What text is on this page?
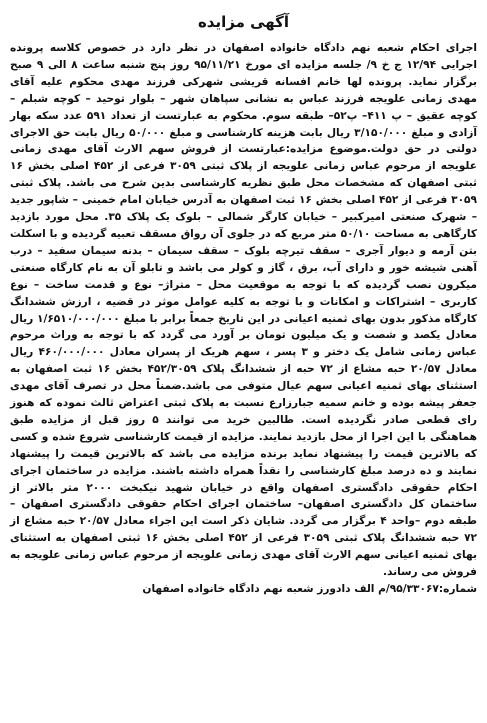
آگهی مزایده

اجرای احکام شعبه نهم دادگاه خانواده اصفهان در نظر دارد در خصوص کلاسه پرونده اجرایی ۱۲/۹۴ ج خ ۹/ جلسه مزایده ای مورخ ۹۵/۱۱/۲۱ روز پنج شنبه ساعت ۸ الی ۹ صبح برگزار نماید. پرونده لها خانم افسانه قریشی شهرکی فرزند مهدی محکوم علیه آقای مهدی زمانی علویجه فرزند عباس به نشانی سپاهان شهر – بلوار توحید – کوچه شبلم – کوچه عقیق – پ ۴۱۱– پ۵۲– طبقه سوم. محکوم به عبارتست از تعداد ۵۹۱ عدد سکه بهار آزادی و مبلغ ۳/۱۵۰/۰۰۰ ریال بابت هزینه کارشناسی و مبلغ ۵۰/۰۰۰ ریال بابت حق الاجرای دولتی در حق دولت.موضوع مزایده:عبارتست از فروش سهم الارث آقای مهدی زمانی علویجه از مرحوم عباس زمانی علویجه از پلاک ثبتی ۳۰۵۹ فرعی از ۴۵۲ اصلی بخش ۱۶ ثبتی اصفهان که مشخصات محل طبق نظریه کارشناسی بدین شرح می باشد. پلاک ثبتی ۳۰۵۹ فرعی از ۴۵۲ اصلی بخش ۱۶ ثبت اصفهان به آدرس خیابان امام خمینی – شاپور جدید – شهرک صنعتی امیرکبیر – خیابان کارگر شمالی – بلوک یک پلاک ۳۵. محل مورد بازدید کارگاهی به مساحت ۵۰/۱۰ متر مربع که در جلوی آن رواق مسقف تعبیه گردیده و با اسکلت بتن آرمه و دیوار آجری – سقف تیرچه بلوک – سقف سیمان – بدنه سیمان سفید – درب آهنی شیشه خور و دارای آب، برق ، گاز و کولر می باشد و تابلو آن به نام کارگاه صنعتی میکرون نصب گردیده که با توجه به موقعیت محل – متراژ– نوع و قدمت ساخت – نوع کاربری – اشتراکات و امکانات و با توجه به کلیه عوامل موثر در قضیه ، ارزش ششدانگ کارگاه مذکور بدون بهای ثمنیه اعیانی در این تاریخ جمعاً برابر با مبلغ ۱/۶۵۱۰/۰۰۰/۰۰۰ ریال معادل یکصد و شصت و یک میلیون تومان بر آورد می گردد که با توجه به وراث مرحوم عباس زمانی شامل یک دختر و ۳ پسر ، سهم هریک از پسران معادل ۴۶۰/۰۰۰/۰۰۰ ریال معادل ۲۰/۵۷ حبه مشاع از ۷۲ حبه از ششدانگ پلاک ۴۵۲/۳۰۵۹ بخش ۱۶ ثبت اصفهان به استثنای بهای ثمنیه اعیانی سهم عیال متوفی می باشد.ضمناً محل در تصرف آقای مهدی جعفر پیشه بوده و خانم سمیه جبارزارع نسبت به پلاک ثبتی اعتراض ثالث نموده که هنوز رای قطعی صادر نگردیده است. طالبین خرید می توانند ۵ روز قبل از مزایده طبق هماهنگی با این اجرا از محل بازدید نمایند. مزایده از قیمت کارشناسی شروع شده و کسی که بالاترین قیمت را پیشنهاد نماید برنده مزایده می باشد که بالاترین قیمت را پیشنهاد نمایند و ده درصد مبلغ کارشناسی را نقداً همراه داشته باشند. مزایده در ساختمان اجرای احکام حقوقی دادگستری اصفهان واقع در خیابان شهید نیکبخت ۲۰۰۰ متر بالاتر از ساختمان کل دادگستری اصفهان– ساختمان اجرای احکام حقوقی دادگستری اصفهان – طبقه دوم –واحد ۴ برگزار می گردد. شایان ذکر است این اجراء معادل ۲۰/۵۷ حبه مشاع از ۷۲ حبه ششدانگ پلاک ثبتی ۳۰۵۹ فرعی از ۴۵۲ اصلی بخش ۱۶ ثبتی اصفهان به استثنای بهای ثمنیه اعیانی سهم الارث آقای مهدی زمانی علویجه از مرحوم عباس زمانی علویجه به فروش می رساند.

شماره:۹۵/۳۳۰۶۷/م الف دادورز شعبه نهم دادگاه خانواده اصفهان
